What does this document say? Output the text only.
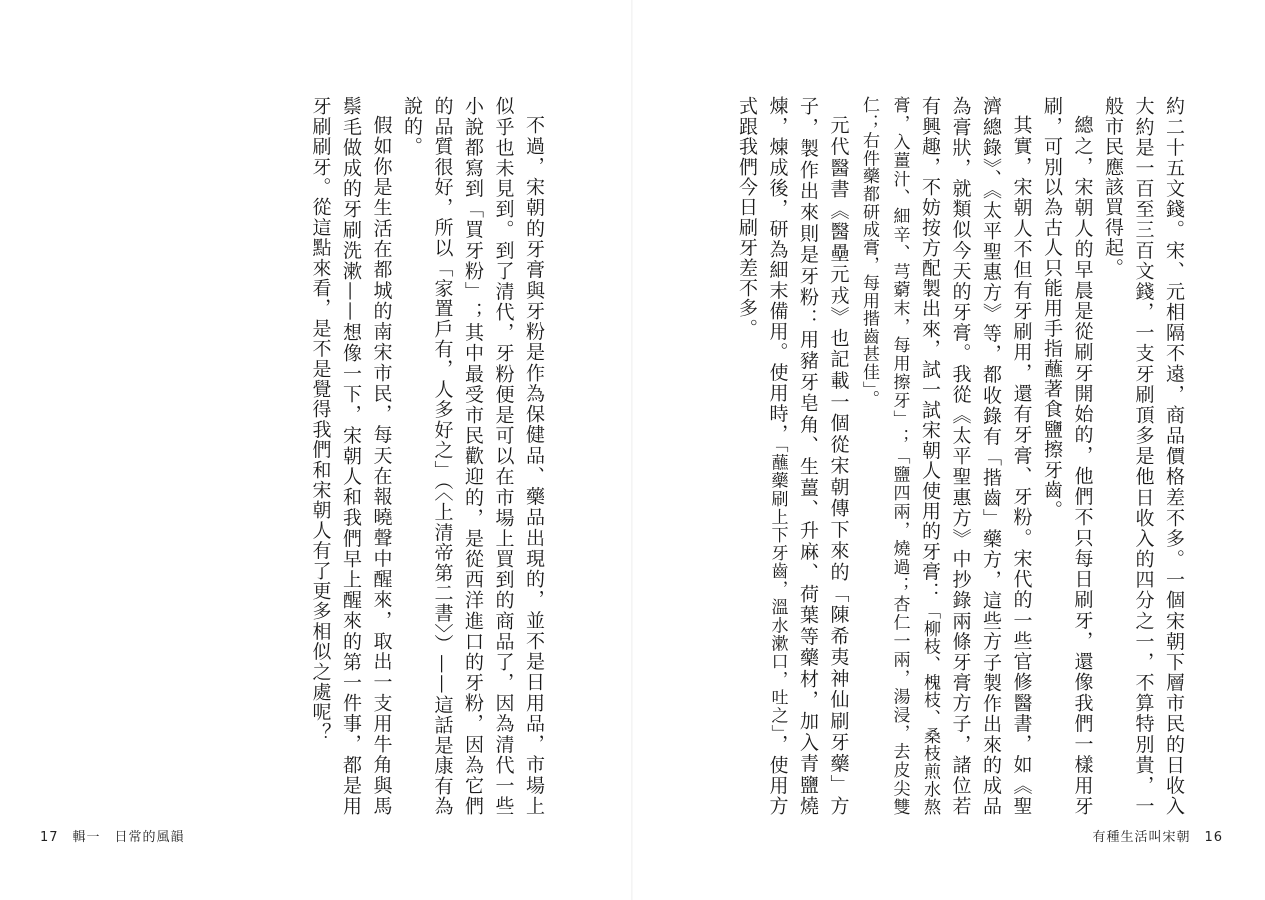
不過，宋朝的牙膏與牙粉是作為保健品、藥品出現的，並不是日用品，市場上似乎也未見到。到了清代，牙粉便是可以在市場上買到的商品了，因為清代一些小說都寫到「買牙粉」；其中最受市民歡迎的，是從西洋進口的牙粉，因為它們的品質很好，所以「家置戶有，人多好之」（〈上清帝第二書〉）——這話是康有為說的。

假如你是生活在都城的南宋市民，每天在報曉聲中醒來，取出一支用牛角與馬鬃毛做成的牙刷洗漱——想像一下，宋朝人和我們早上醒來的第一件事，都是用牙刷刷牙。從這點來看，是不是覺得我們和宋朝人有了更多相似之處呢？

17 輯一　日常的風韻

約二十五文錢。宋、元相隔不遠，商品價格差不多。一個宋朝下層市民的日收入大約是一百至三百文錢，一支牙刷頂多是他日收入的四分之一，不算特別貴，一般市民應該買得起。

總之，宋朝人的早晨是從刷牙開始的，他們不只每日刷牙，還像我們一樣用牙刷，可別以為古人只能用手指蘸著食鹽擦牙齒。

其實，宋朝人不但有牙刷用，還有牙膏、牙粉。宋代的一些官修醫書，如《聖濟總錄》、《太平聖惠方》等，都收錄有「揩齒」藥方，這些方子製作出來的成品為膏狀，就類似今天的牙膏。我從《太平聖惠方》中抄錄兩條牙膏方子，諸位若有興趣，不妨按方配製出來，試一試宋朝人使用的牙膏：「柳枝、槐枝、桑枝煎水熬膏，入薑汁、細辛、芎藭末，每用擦牙」；「鹽四兩，燒過；杏仁一兩，湯浸，去皮尖雙仁；右件藥都研成膏，每用揩齒甚佳」。

元代醫書《醫壘元戎》也記載一個從宋朝傳下來的「陳希夷神仙刷牙藥」方子，製作出來則是牙粉：用豬牙皂角、生薑、升麻、荷葉等藥材，加入青鹽燒煉，煉成後，研為細末備用。使用時，「蘸藥刷上下牙齒，溫水漱口，吐之」，使用方式跟我們今日刷牙差不多。

有種生活叫宋朝 16
